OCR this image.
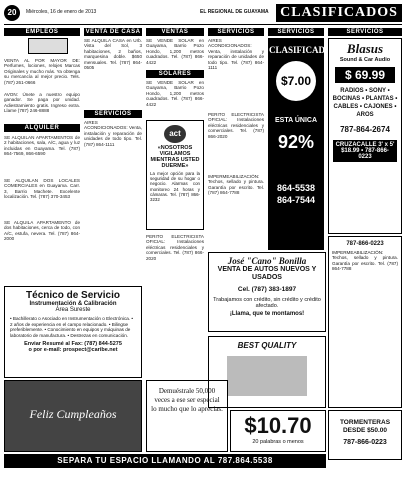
20	Miércoles, 16 de enero de 2013	EL REGIONAL DE GUAYAMA CLASIFICADOS
EMPLEOS
VENTA AL POR MAYOR DE: Perfumes, lociones, relojes Marcas Originales y mucho más. Ya obtenga su mercancía al mejor precio. Tels. (787) 261-0666
AVON: Únete a nuestro equipo ganador. Se paga por unidad. Adiestramiento gratis. Ingreso extra. Llame (787) 246-8888
ALQUILER
SE ALQUILAN APARTAMENTOS de 2 habitaciones, sala, A/C, agua y luz incluidas en Guayama. Tel. (787) 864-7569, 866-6590
SE ALQUILAN DOS LOCALES COMERCIALES en Guayama. Carr. 3, Barrio Machete. Excelente localización. Tel. (787) 370-3453
SE ALQUILA APARTAMENTO de dos habitaciones, cerca de todo, con A/C, estufa, nevera. Tel. (787) 864-2000
VENTA DE CASA
SE ALQUILA CASA en Urb. Vista del Sol, 3 habitaciones, 2 baños, marquesina doble. $650 mensuales. Tel. (787) 864-0505
SERVICIOS
AIRES ACONDICIONADOS: Venta, instalación y reparación de unidades de todo tipo. Tel. (787) 864-1111
VENTAS
SE VENDE SOLAR en Guayama, Barrio Pozo Hondo, 1,200 metros cuadrados. Tel. (787) 866-4422
SOLARES
SE VENDE SOLAR en Guayama, Barrio Pozo Hondo, 1,200 metros cuadrados. Tel. (787) 866-4422
act
«NOSOTROS VIGILAMOS MIENTRAS USTED DUERME»
La mejor opción para la seguridad de su hogar o negocio. Alarmas con monitoreo 24 horas y cámaras. Tel. (787) 866-3232
PERITO ELECTRICISTA OFICIAL: Instalaciones eléctricas residenciales y comerciales. Tel. (787) 866-2020
SERVICIOS
AIRES ACONDICIONADOS: Venta, instalación y reparación de unidades de todo tipo. Tel. (787) 864-1111
PERITO ELECTRICISTA OFICIAL: Instalaciones eléctricas residenciales y comerciales. Tel. (787) 866-2020
IMPERMEABILIZACIÓN: Techos, sellado y pintura. Garantía por escrito. Tel. (787) 864-7788
SERVICIOS
CLASIFICADOS
$7.00
ESTA ÚNICA
92%
864-5538
864-7544
SERVICIOS
Blasus
Sound & Car Audio
$ 69.99
RADIOS • SONY • BOCINAS • PLANTAS • CABLES • CAJONES • AROS
787-864-2674
CRUZACALLE 3' x 5' $18.99 • 787-866-0223
787-866-0223
IMPERMEABILIZACIÓN: Techos, sellado y pintura. Garantía por escrito. Tel. (787) 864-7788
TORMENTERAS DESDE $50.00
787-866-0223
José "Cano" Bonilla
VENTA DE AUTOS NUEVOS Y USADOS
Cel. (787) 383-1897
Trabajamos con crédito, sin crédito y crédito afectado.
¡Llama, que te montamos!
Técnico de Servicio
Instrumentación & Calibración
Área Sureste
• Bachillerato o Asociado en Instrumentación o Electrónica. • 2 años de experiencia en el campo relacionado. • Bilingüe preferiblemente. • Conocimiento en equipos y máquinas de laboratorio de manufactura. • Destrezas en comunicación.
Enviar Resumé al Fax: (787) 844-5275
o por e-mail: prospect@caribe.net
BEST QUALITY
Feliz Cumpleaños
Demuéstrale 50,000 veces a ese ser especial lo mucho que lo aprecias.
$10.70
20 palabras o menos
SEPARA TU ESPACIO LLAMANDO AL 787.864.5538
